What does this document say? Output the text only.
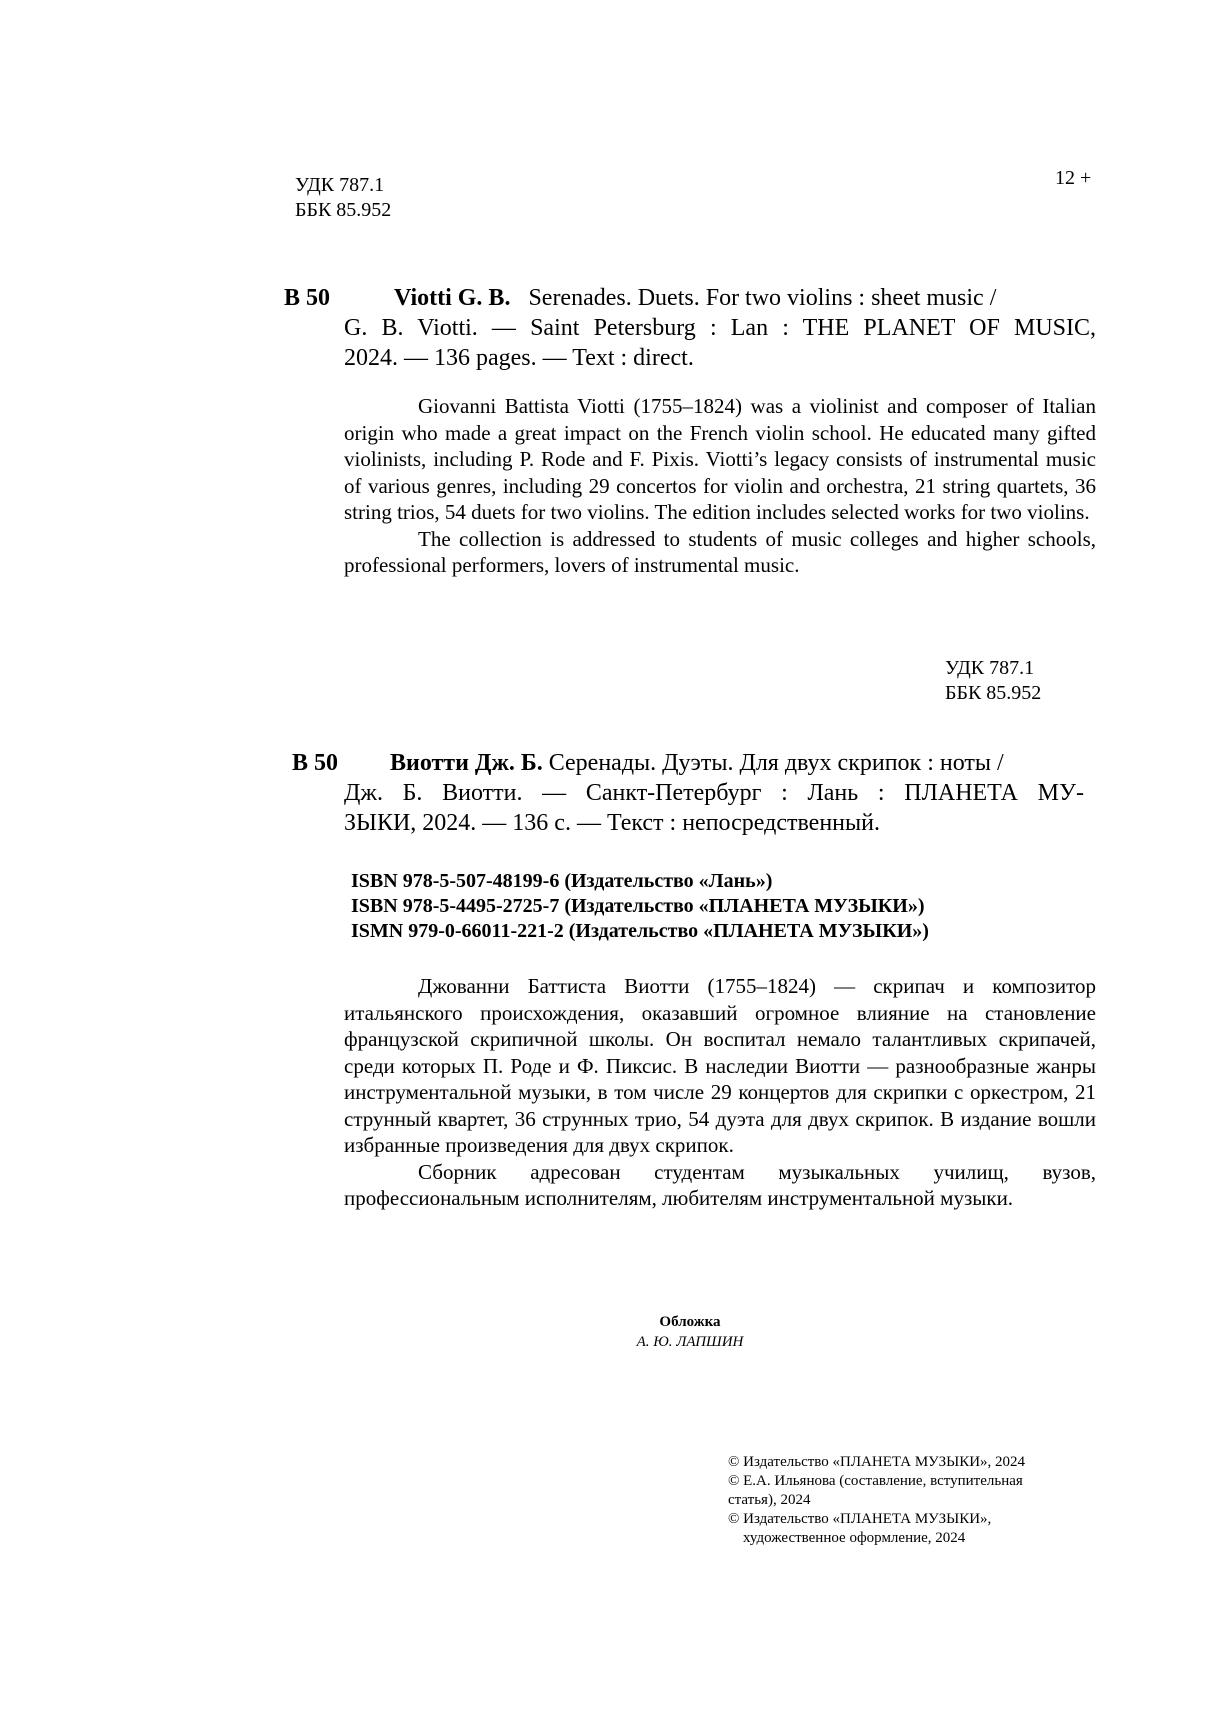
УДК 787.1
ББК 85.952
12 +
В 50	Viotti G. B. Serenades. Duets. For two violins : sheet music /
G. B. Viotti. — Saint Petersburg : Lan : THE PLANET OF MUSIC,
2024. — 136 pages. — Text : direct.
Giovanni Battista Viotti (1755–1824) was a violinist and composer of Italian origin who made a great impact on the French violin school. He educated many gifted violinists, including P. Rode and F. Pixis. Viotti’s legacy consists of instrumental music of various genres, including 29 concertos for violin and orchestra, 21 string quartets, 36 string trios, 54 duets for two violins. The edition includes selected works for two violins.
The collection is addressed to students of music colleges and higher schools, professional performers, lovers of instrumental music.
УДК 787.1
ББК 85.952
В 50	Виотти Дж. Б. Серенады. Дуэты. Для двух скрипок : ноты /
Дж. Б. Виотти. — Санкт-Петербург : Лань : ПЛАНЕТА МУ-
ЗЫКИ, 2024. — 136 с. — Текст : непосредственный.
ISBN 978-5-507-48199-6 (Издательство «Лань»)
ISBN 978-5-4495-2725-7 (Издательство «ПЛАНЕТА МУЗЫКИ»)
ISMN 979-0-66011-221-2 (Издательство «ПЛАНЕТА МУЗЫКИ»)
Джованни Баттиста Виотти (1755–1824) — скрипач и композитор итальянского происхождения, оказавший огромное влияние на становление французской скрипичной школы. Он воспитал немало талантливых скрипачей, среди которых П. Роде и Ф. Пиксис. В наследии Виотти — разнообразные жанры инструментальной музыки, в том числе 29 концертов для скрипки с оркестром, 21 струнный квартет, 36 струнных трио, 54 дуэта для двух скрипок. В издание вошли избранные произведения для двух скрипок.
Сборник адресован студентам музыкальных училищ, вузов, профессиональным исполнителям, любителям инструментальной музыки.
Обложка
А. Ю. ЛАПШИН
© Издательство «ПЛАНЕТА МУЗЫКИ», 2024
© Е.А. Ильянова (составление, вступительная
статья), 2024
© Издательство «ПЛАНЕТА МУЗЫКИ»,
художественное оформление, 2024
